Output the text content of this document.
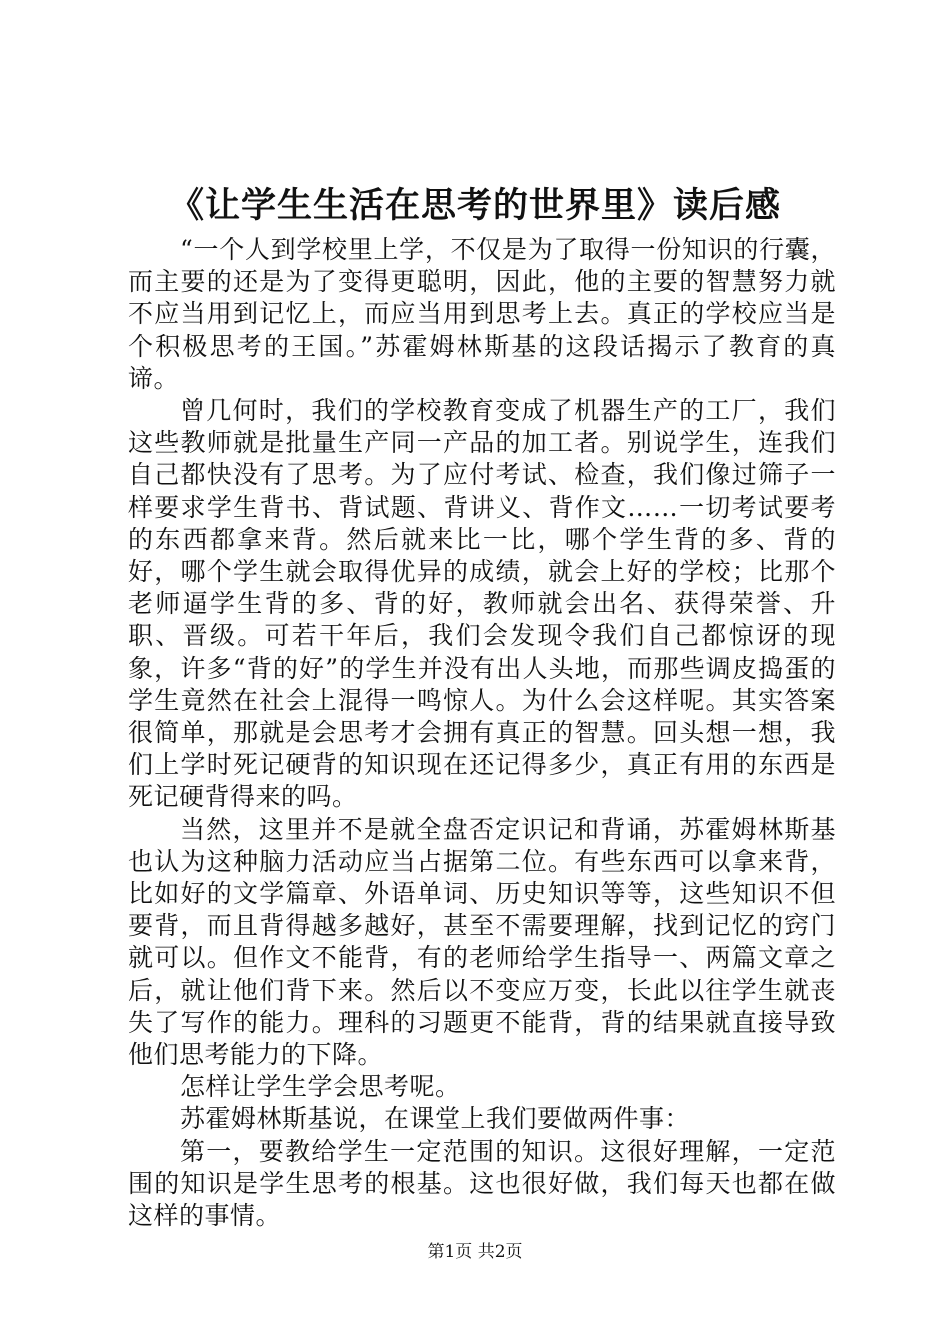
《让学生生活在思考的世界里》读后感

“一个人到学校里上学，不仅是为了取得一份知识的行囊，而主要的还是为了变得更聪明，因此，他的主要的智慧努力就不应当用到记忆上，而应当用到思考上去。真正的学校应当是个积极思考的王国。”苏霍姆林斯基的这段话揭示了教育的真谛。

曾几何时，我们的学校教育变成了机器生产的工厂，我们这些教师就是批量生产同一产品的加工者。别说学生，连我们自己都快没有了思考。为了应付考试、检查，我们像过筛子一样要求学生背书、背试题、背讲义、背作文……一切考试要考的东西都拿来背。然后就来比一比，哪个学生背的多、背的好，哪个学生就会取得优异的成绩，就会上好的学校；比那个老师逼学生背的多、背的好，教师就会出名、获得荣誉、升职、晋级。可若干年后，我们会发现令我们自己都惊讶的现象，许多“背的好”的学生并没有出人头地，而那些调皮捣蛋的学生竟然在社会上混得一鸣惊人。为什么会这样呢。其实答案很简单，那就是会思考才会拥有真正的智慧。回头想一想，我们上学时死记硬背的知识现在还记得多少，真正有用的东西是死记硬背得来的吗。

当然，这里并不是就全盘否定识记和背诵，苏霍姆林斯基也认为这种脑力活动应当占据第二位。有些东西可以拿来背，比如好的文学篇章、外语单词、历史知识等等，这些知识不但要背，而且背得越多越好，甚至不需要理解，找到记忆的窍门就可以。但作文不能背，有的老师给学生指导一、两篇文章之后，就让他们背下来。然后以不变应万变，长此以往学生就丧失了写作的能力。理科的习题更不能背，背的结果就直接导致他们思考能力的下降。

怎样让学生学会思考呢。

苏霍姆林斯基说，在课堂上我们要做两件事：

第一，要教给学生一定范围的知识。这很好理解，一定范围的知识是学生思考的根基。这也很好做，我们每天也都在做这样的事情。

第1页 共2页
